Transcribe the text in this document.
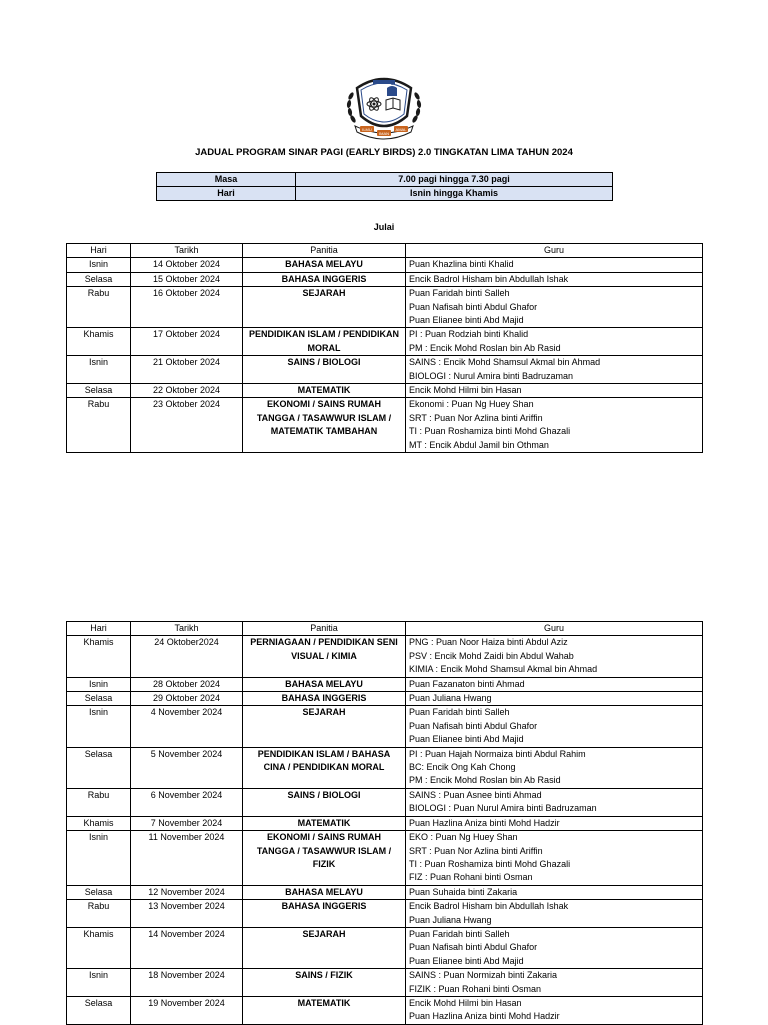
ILMU
IMAN
AMAL
JADUAL PROGRAM SINAR PAGI (EARLY BIRDS) 2.0 TINGKATAN LIMA TAHUN 2024
Masa	7.00 pagi hingga 7.30 pagi
Hari	Isnin hingga Khamis
Julai
Hari	Tarikh	Panitia	Guru
Isnin	14 Oktober 2024	BAHASA MELAYU	Puan Khazlina binti Khalid

Selasa	15 Oktober 2024	BAHASA INGGERIS	Encik Badrol Hisham bin Abdullah Ishak

Rabu	16 Oktober 2024	SEJARAH	Puan Faridah binti Salleh
Puan Nafisah binti Abdul Ghafor
Puan Elianee binti Abd Majid

Khamis	17 Oktober 2024	PENDIDIKAN ISLAM / PENDIDIKAN
MORAL	PI : Puan Rodziah binti Khalid
PM : Encik Mohd Roslan bin Ab Rasid

Isnin	21 Oktober 2024	SAINS / BIOLOGI	SAINS : Encik Mohd Shamsul Akmal bin Ahmad
BIOLOGI : Nurul Amira binti Badruzaman

Selasa	22 Oktober 2024	MATEMATIK	Encik Mohd Hilmi bin Hasan

Rabu	23 Oktober 2024	EKONOMI / SAINS RUMAH
TANGGA / TASAWWUR ISLAM /
MATEMATIK TAMBAHAN	Ekonomi : Puan Ng Huey Shan
SRT : Puan Nor Azlina binti Ariffin
TI : Puan Roshamiza binti Mohd Ghazali
MT : Encik Abdul Jamil bin Othman
Hari	Tarikh	Panitia	Guru
Khamis	24 Oktober2024	PERNIAGAAN / PENDIDIKAN SENI
VISUAL / KIMIA	PNG : Puan Noor Haiza binti Abdul Aziz
PSV : Encik Mohd Zaidi bin Abdul Wahab
KIMIA : Encik Mohd Shamsul Akmal bin Ahmad

Isnin	28 Oktober 2024	BAHASA MELAYU	Puan Fazanaton binti Ahmad

Selasa	29 Oktober 2024	BAHASA INGGERIS	Puan Juliana Hwang

Isnin	4 November 2024	SEJARAH	Puan Faridah binti Salleh
Puan Nafisah binti Abdul Ghafor
Puan Elianee binti Abd Majid

Selasa	5 November 2024	PENDIDIKAN ISLAM / BAHASA
CINA / PENDIDIKAN MORAL	PI : Puan Hajah Normaiza binti Abdul Rahim
BC: Encik Ong Kah Chong
PM : Encik Mohd Roslan bin Ab Rasid

Rabu	6 November 2024	SAINS / BIOLOGI	SAINS : Puan Asnee binti Ahmad
BIOLOGI : Puan Nurul Amira binti Badruzaman

Khamis	7 November 2024	MATEMATIK	Puan Hazlina Aniza binti Mohd Hadzir

Isnin	11 November 2024	EKONOMI / SAINS RUMAH
TANGGA / TASAWWUR ISLAM /
FIZIK	EKO : Puan Ng Huey Shan
SRT : Puan Nor Azlina binti Ariffin
TI : Puan Roshamiza binti Mohd Ghazali
FIZ : Puan Rohani binti Osman

Selasa	12 November 2024	BAHASA MELAYU	Puan Suhaida binti Zakaria

Rabu	13 November 2024	BAHASA INGGERIS	Encik Badrol Hisham bin Abdullah Ishak
Puan Juliana Hwang

Khamis	14 November 2024	SEJARAH	Puan Faridah binti Salleh
Puan Nafisah binti Abdul Ghafor
Puan Elianee binti Abd Majid

Isnin	18 November 2024	SAINS / FIZIK	SAINS : Puan Normizah binti Zakaria
FIZIK : Puan Rohani binti Osman

Selasa	19 November 2024	MATEMATIK	Encik Mohd Hilmi bin Hasan
Puan Hazlina Aniza binti Mohd Hadzir
